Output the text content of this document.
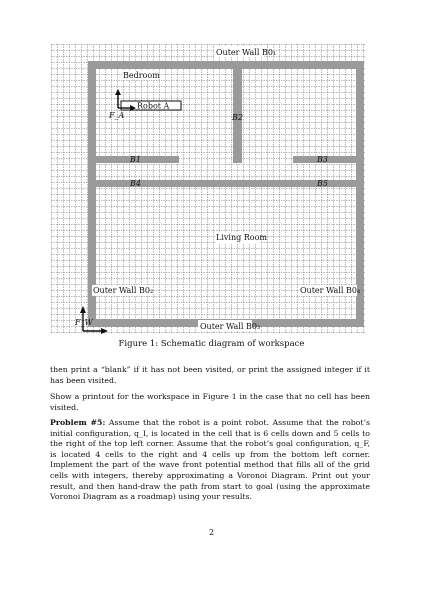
Outer Wall B0₁
Bedroom
Robot A
F_A	B2
B1	B3
B4	B5
Living Room
Outer Wall B0₂	Outer Wall B0₄
Outer Wall B0₃
F_W
Figure 1: Schematic diagram of workspace

then print a “blank” if it has not been visited, or print the assigned integer if it has been visited.

Show a printout for the workspace in Figure 1 in the case that no cell has been visited.

Problem #5: Assume that the robot is a point robot. Assume that the robot’s initial configuration, q_I, is located in the cell that is 6 cells down and 5 cells to the right of the top left corner. Assume that the robot’s goal configuration, q_F, is located 4 cells to the right and 4 cells up from the bottom left corner. Implement the part of the wave front potential method that fills all of the grid cells with integers, thereby approximating a Voronoi Diagram. Print out your result, and then hand-draw the path from start to goal (using the approximate Voronoi Diagram as a roadmap) using your results.

2
